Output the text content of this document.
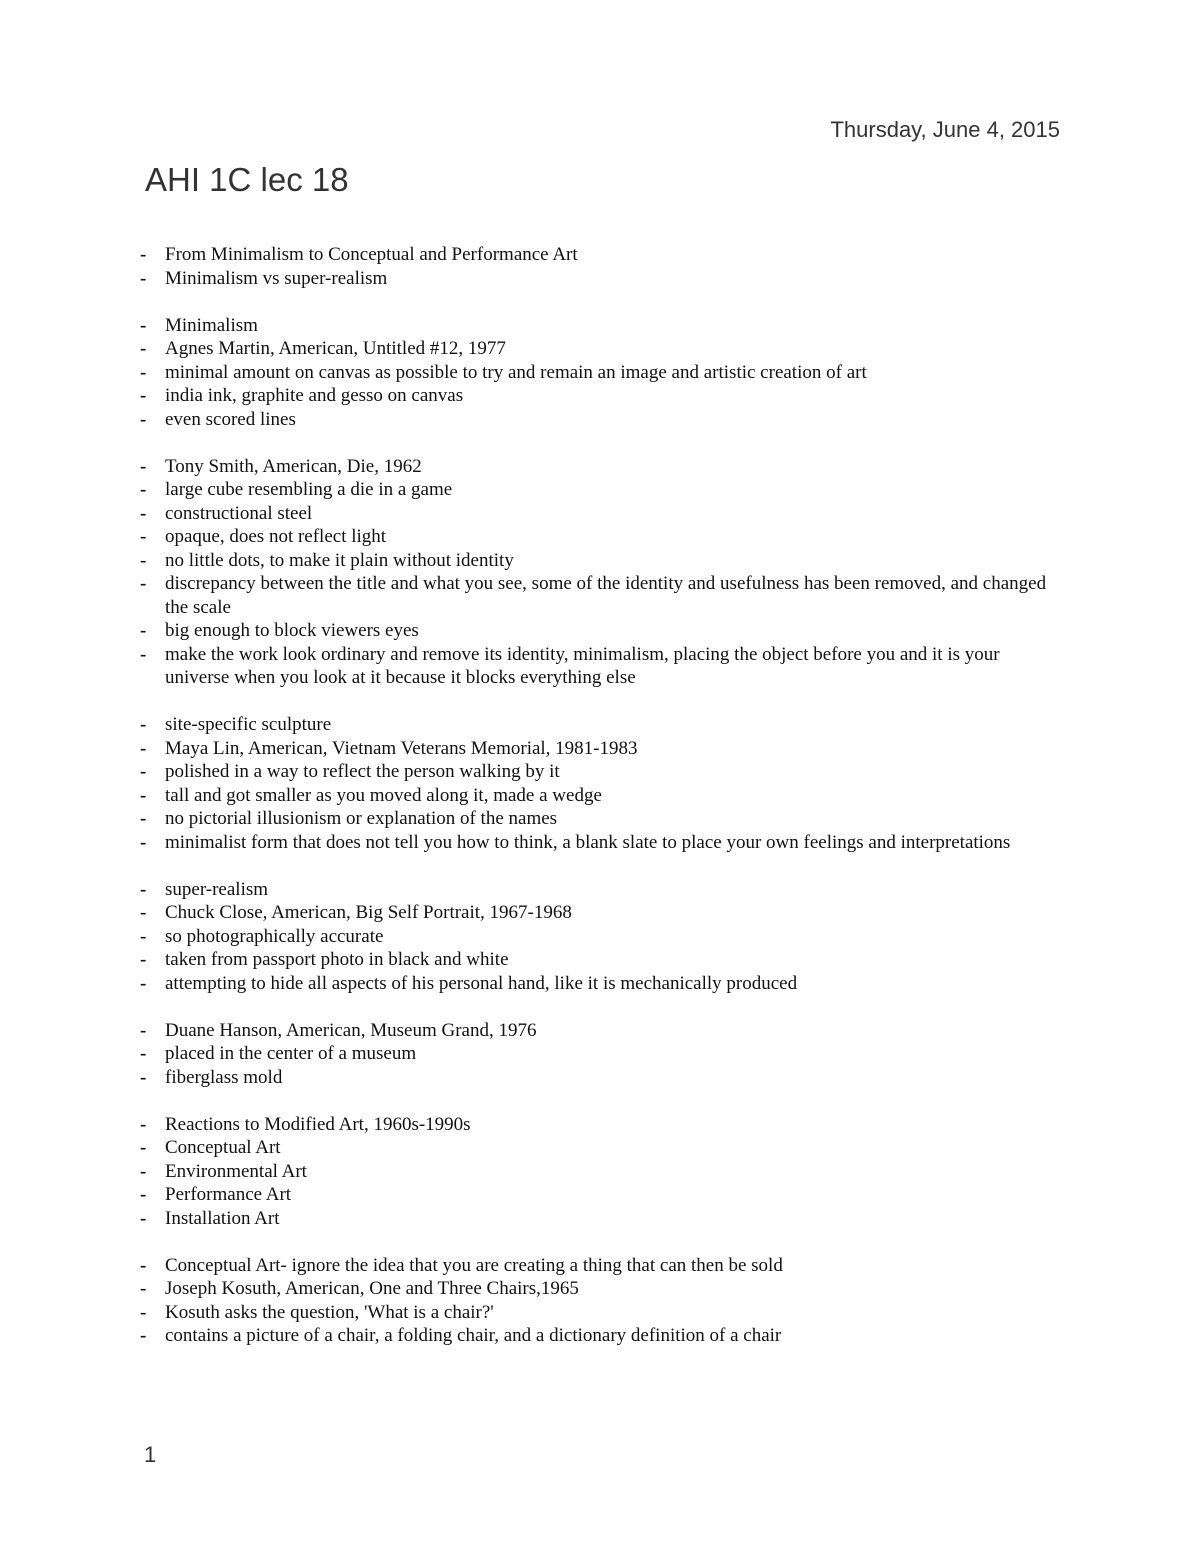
Thursday, June 4, 2015
AHI 1C lec 18
- From Minimalism to Conceptual and Performance Art
- Minimalism vs super-realism
- Minimalism
- Agnes Martin, American, Untitled #12, 1977
- minimal amount on canvas as possible to try and remain an image and artistic creation of art
- india ink, graphite and gesso on canvas
- even scored lines
- Tony Smith, American, Die, 1962
- large cube resembling a die in a game
- constructional steel
- opaque, does not reflect light
- no little dots, to make it plain without identity
- discrepancy between the title and what you see, some of the identity and usefulness has been removed, and changed the scale
- big enough to block viewers eyes
- make the work look ordinary and remove its identity, minimalism, placing the object before you and it is your universe when you look at it because it blocks everything else
- site-specific sculpture
- Maya Lin, American, Vietnam Veterans Memorial, 1981-1983
- polished in a way to reflect the person walking by it
- tall and got smaller as you moved along it, made a wedge
- no pictorial illusionism or explanation of the names
- minimalist form that does not tell you how to think, a blank slate to place your own feelings and interpretations
- super-realism
- Chuck Close, American, Big Self Portrait, 1967-1968
- so photographically accurate
- taken from passport photo in black and white
- attempting to hide all aspects of his personal hand, like it is mechanically produced
- Duane Hanson, American, Museum Grand, 1976
- placed in the center of a museum
- fiberglass mold
- Reactions to Modified Art, 1960s-1990s
- Conceptual Art
- Environmental Art
- Performance Art
- Installation Art
- Conceptual Art- ignore the idea that you are creating a thing that can then be sold
- Joseph Kosuth, American, One and Three Chairs,1965
- Kosuth asks the question, 'What is a chair?'
- contains a picture of a chair, a folding chair, and a dictionary definition of a chair
1
